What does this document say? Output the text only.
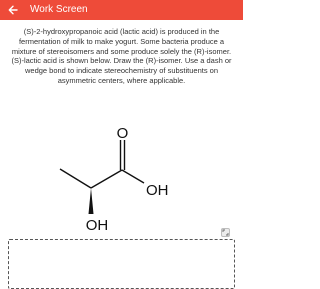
Work Screen

(S)-2-hydroxypropanoic acid (lactic acid) is produced in the fermentation of milk to make yogurt. Some bacteria produce a mixture of stereoisomers and some produce solely the (R)-isomer. (S)-lactic acid is shown below. Draw the (R)-isomer. Use a dash or wedge bond to indicate stereochemistry of substituents on asymmetric centers, where applicable.

O
OH
OH
